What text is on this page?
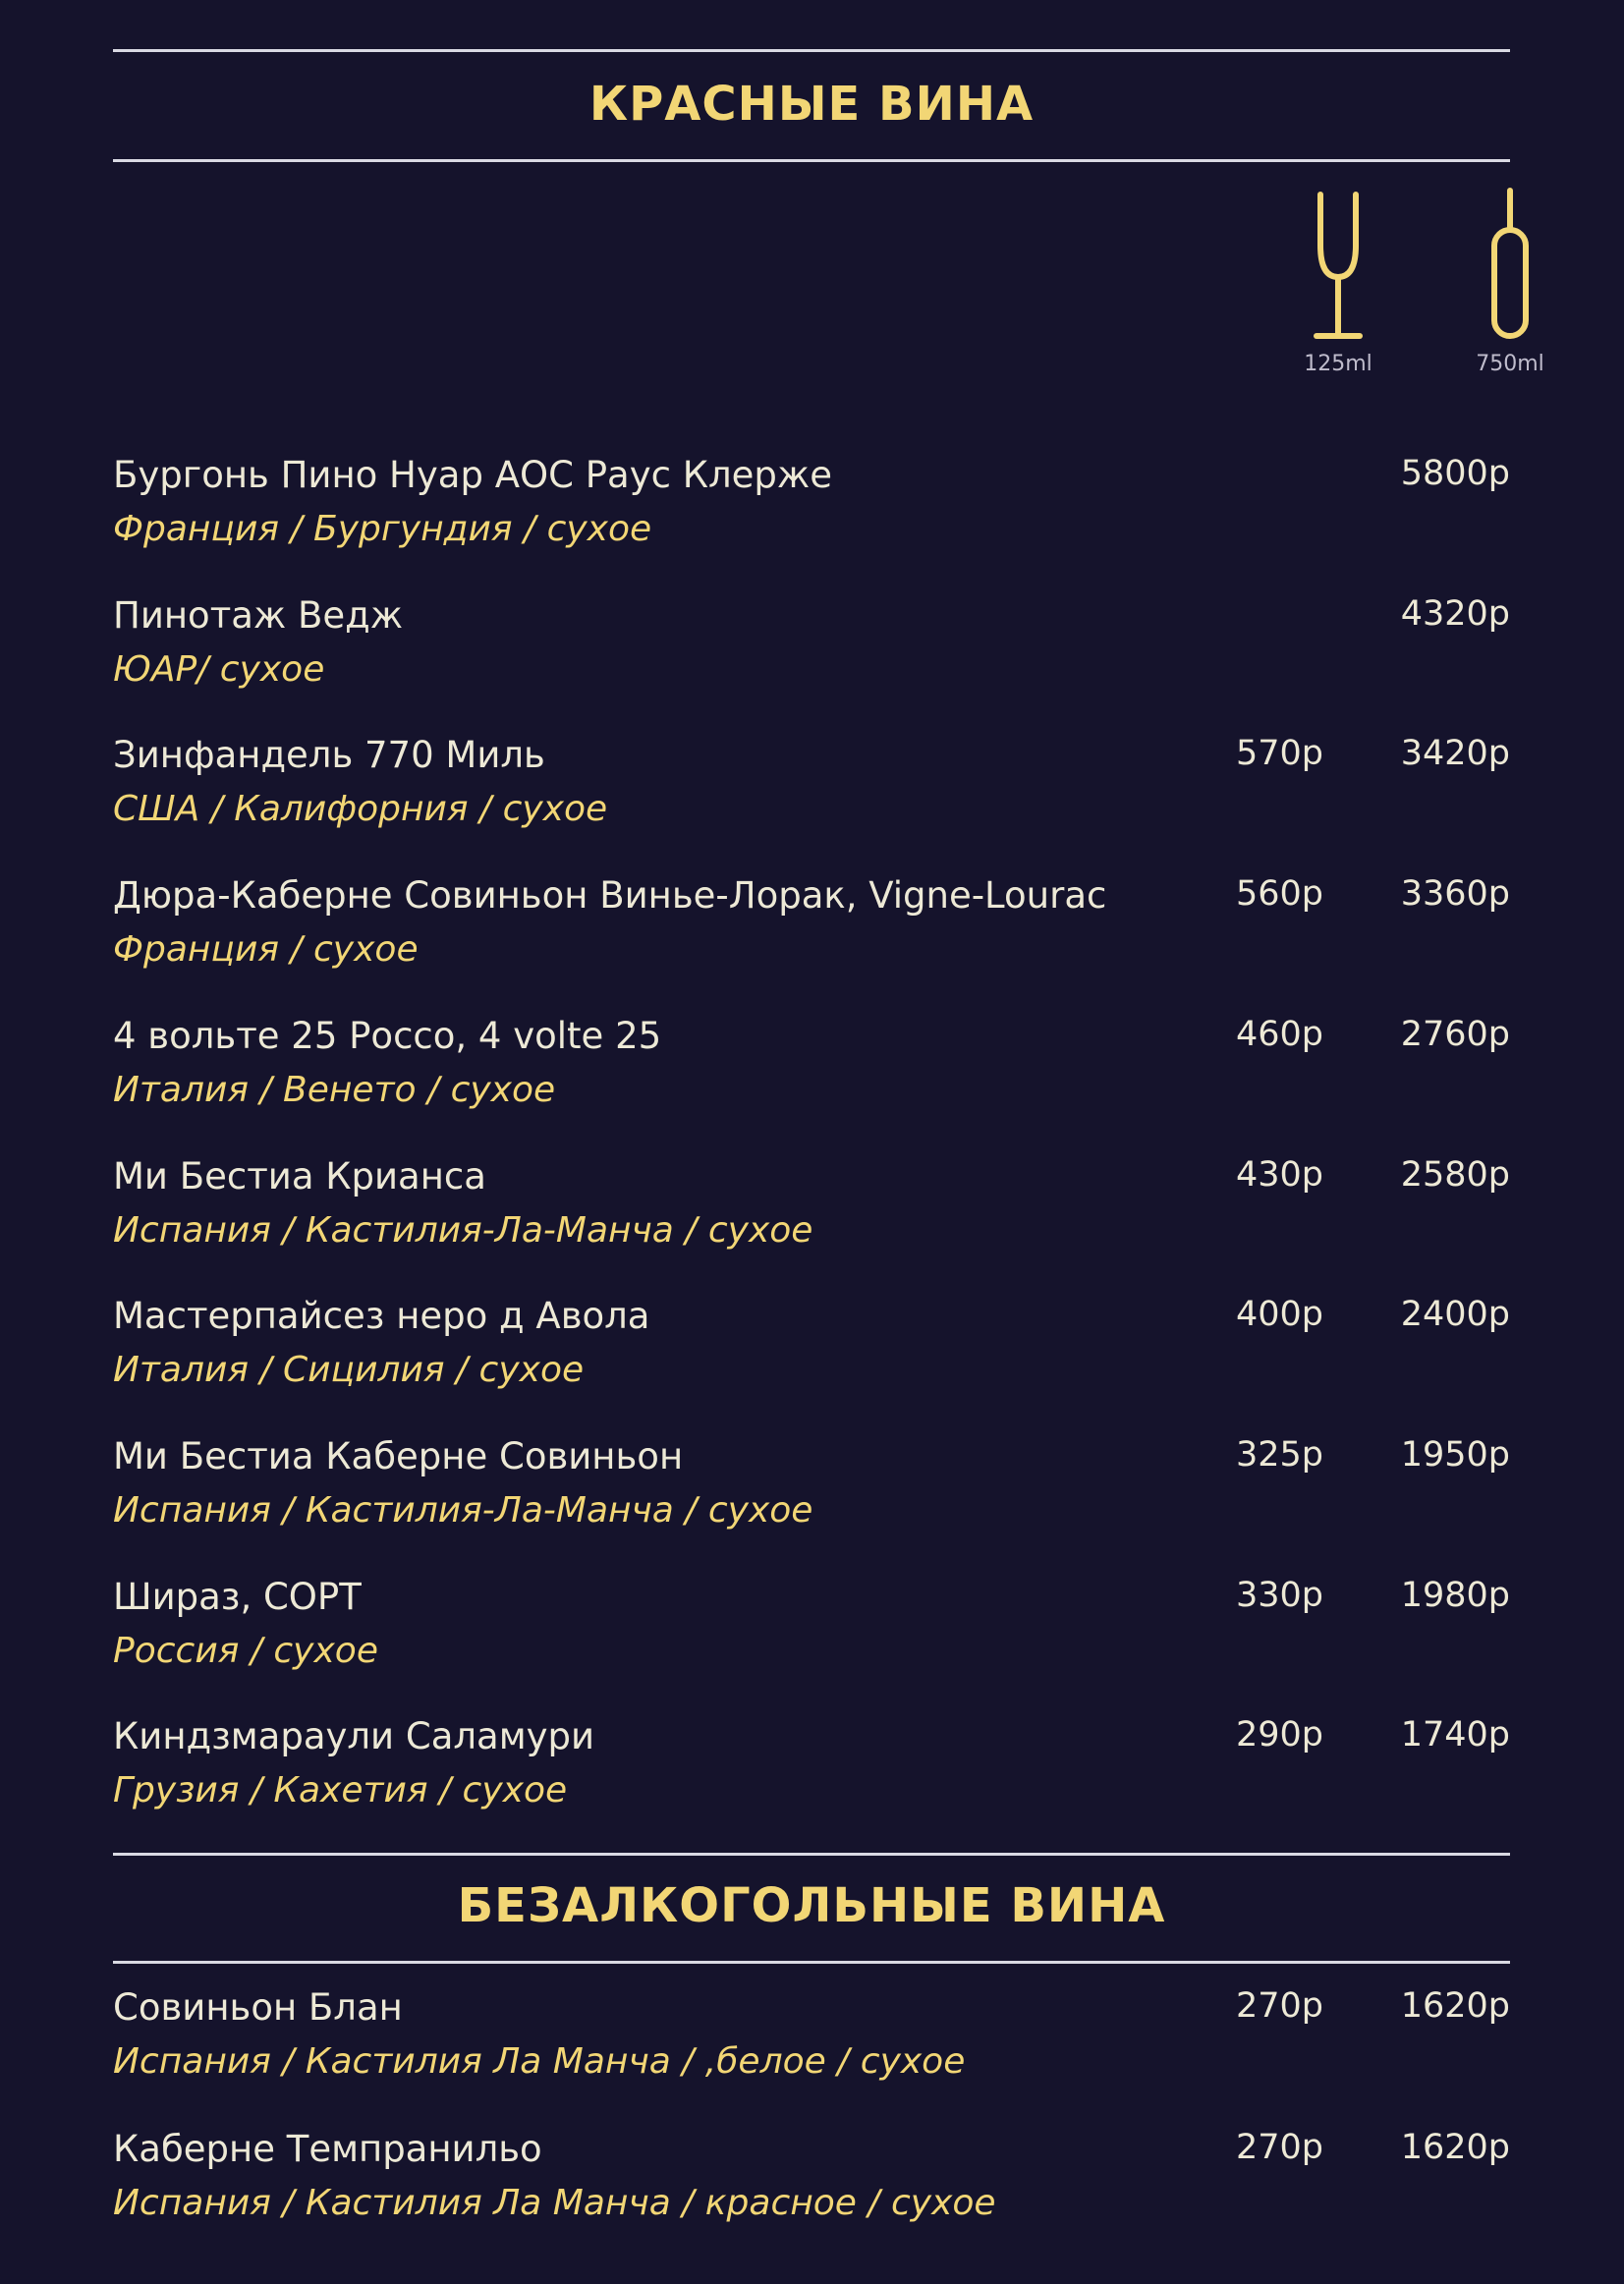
КРАСНЫЕ ВИНА
125ml	750ml
Бургонь Пино Нуар АОС Раус Клерже
Франция / Бургундия / сухое
5800р
Пинотаж Ведж
ЮАР/ сухое
4320р
Зинфандель 770 Миль
США / Калифорния / сухое
570р 3420р
Дюра-Каберне Совиньон Винье-Лорак, Vigne-Lourac
Франция / сухое
560р 3360р
4 вольте 25 Россо, 4 volte 25
Италия / Венето / сухое
460р 2760р
Ми Бестиа Крианса
Испания / Кастилия-Ла-Манча / сухое
430р 2580р
Мастерпайсез неро д Авола
Италия / Сицилия / сухое
400р 2400р
Ми Бестиа Каберне Совиньон
Испания / Кастилия-Ла-Манча / сухое
325р 1950р
Шираз, СОРТ
Россия / сухое
330р 1980р
Киндзмараули Саламури
Грузия / Кахетия / сухое
290р 1740р
БЕЗАЛКОГОЛЬНЫЕ ВИНА
Совиньон Блан
Испания / Кастилия Ла Манча / ,белое / сухое
270р 1620р
Каберне Темпранильо
Испания / Кастилия Ла Манча / красное / сухое
270р 1620р
